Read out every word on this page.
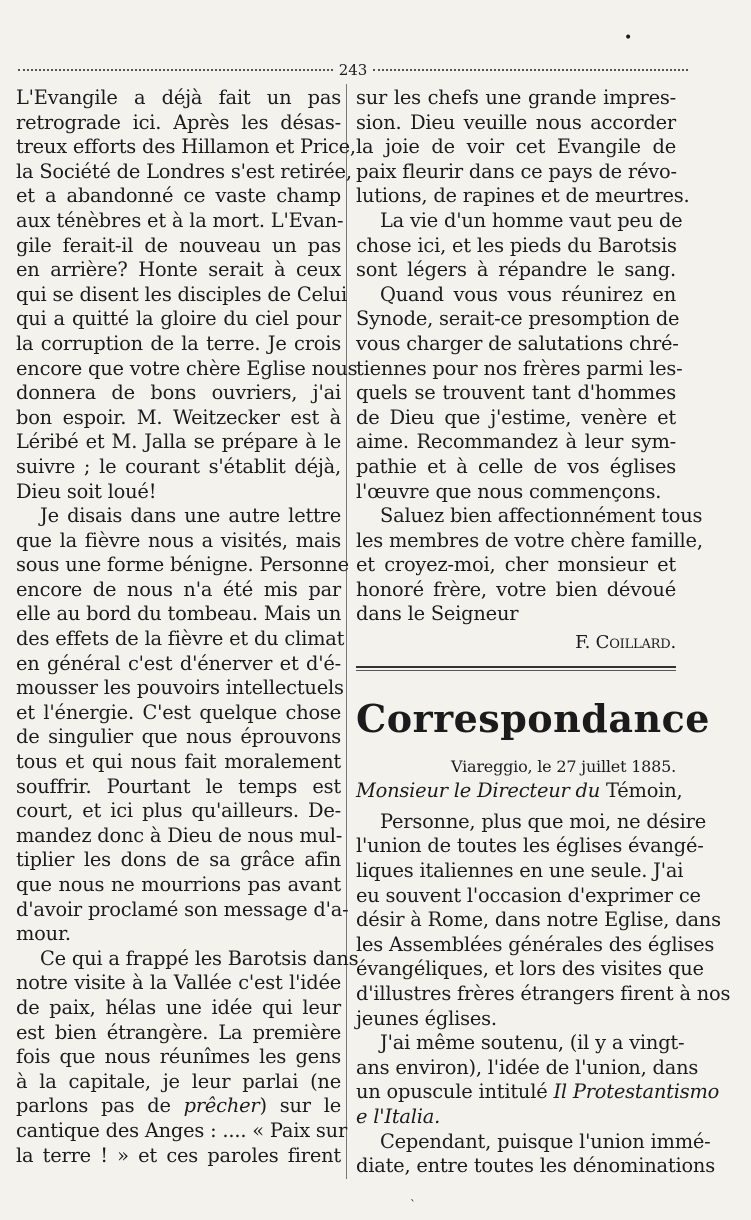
•
243
L'Evangile a déjà fait un pas
retrograde ici. Après les désas-
treux efforts des Hillamon et Price,
la Société de Londres s'est retirée,
et a abandonné ce vaste champ
aux ténèbres et à la mort. L'Evan-
gile ferait-il de nouveau un pas
en arrière? Honte serait à ceux
qui se disent les disciples de Celui
qui a quitté la gloire du ciel pour
la corruption de la terre. Je crois
encore que votre chère Eglise nous
donnera de bons ouvriers, j'ai
bon espoir. M. Weitzecker est à
Léribé et M. Jalla se prépare à le
suivre ; le courant s'établit déjà,
Dieu soit loué!
Je disais dans une autre lettre
que la fièvre nous a visités, mais
sous une forme bénigne. Personne
encore de nous n'a été mis par
elle au bord du tombeau. Mais un
des effets de la fièvre et du climat
en général c'est d'énerver et d'é-
mousser les pouvoirs intellectuels
et l'énergie. C'est quelque chose
de singulier que nous éprouvons
tous et qui nous fait moralement
souffrir. Pourtant le temps est
court, et ici plus qu'ailleurs. De-
mandez donc à Dieu de nous mul-
tiplier les dons de sa grâce afin
que nous ne mourrions pas avant
d'avoir proclamé son message d'a-
mour.
Ce qui a frappé les Barotsis dans
notre visite à la Vallée c'est l'idée
de paix, hélas une idée qui leur
est bien étrangère. La première
fois que nous réunîmes les gens
à la capitale, je leur parlai (ne
parlons pas de prêcher) sur le
cantique des Anges : .... « Paix sur
la terre ! » et ces paroles firent
sur les chefs une grande impres-
sion. Dieu veuille nous accorder
la joie de voir cet Evangile de
paix fleurir dans ce pays de révo-
lutions, de rapines et de meurtres.
La vie d'un homme vaut peu de
chose ici, et les pieds du Barotsis
sont légers à répandre le sang.
Quand vous vous réunirez en
Synode, serait-ce presomption de
vous charger de salutations chré-
tiennes pour nos frères parmi les-
quels se trouvent tant d'hommes
de Dieu que j'estime, venère et
aime. Recommandez à leur sym-
pathie et à celle de vos églises
l'œuvre que nous commençons.
Saluez bien affectionnément tous
les membres de votre chère famille,
et croyez-moi, cher monsieur et
honoré frère, votre bien dévoué
dans le Seigneur
F. Coillard.
Correspondance
Viareggio, le 27 juillet 1885.
Monsieur le Directeur du Témoin,
Personne, plus que moi, ne désire
l'union de toutes les églises évangé-
liques italiennes en une seule. J'ai
eu souvent l'occasion d'exprimer ce
désir à Rome, dans notre Eglise, dans
les Assemblées générales des églises
évangéliques, et lors des visites que
d'illustres frères étrangers firent à nos
jeunes églises.
J'ai même soutenu, (il y a vingt-
ans environ), l'idée de l'union, dans
un opuscule intitulé Il Protestantismo
e l'Italia.
Cependant, puisque l'union immé-
diate, entre toutes les dénominations
`
